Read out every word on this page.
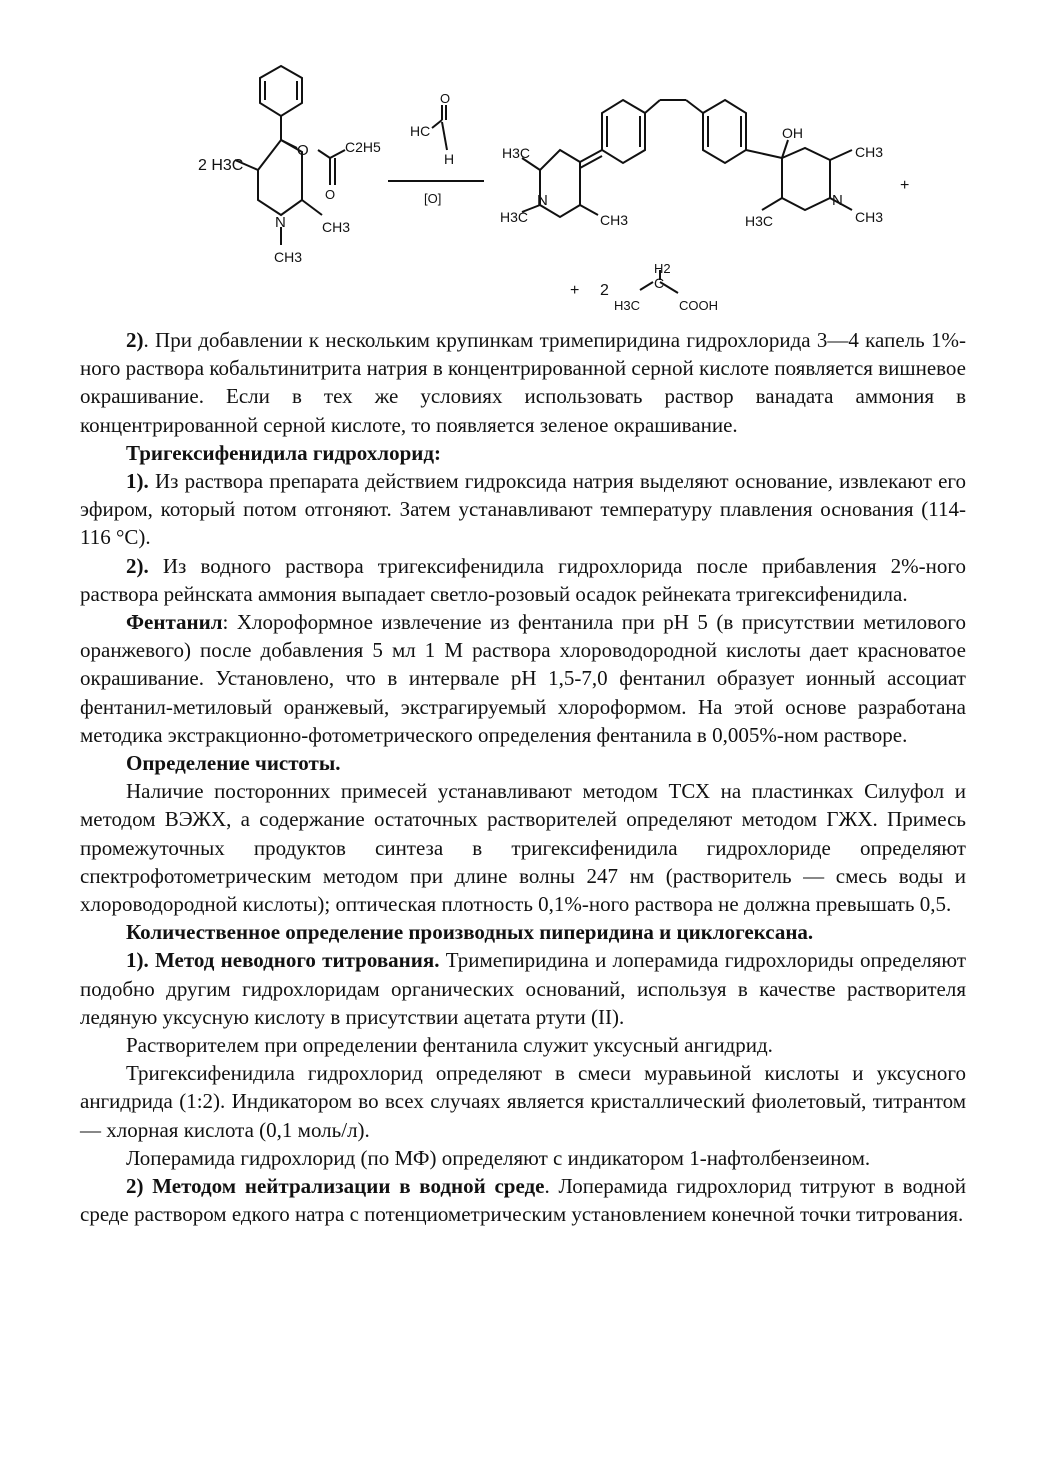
2 H3C
O	C2H5
O
N	CH3
CH3
O
HC
H
[O]
H3C
H3C
N
CH3
OH
CH3
H3C
N
CH3
+
+ 2
H2
C
H3C	COOH

2). При добавлении к нескольким крупинкам тримепиридина гидрохлорида 3—4 капель 1%-ного раствора кобальтинитрита натрия в концентрированной серной кислоте появляется вишневое окрашивание. Если в тех же условиях использовать раствор ванадата аммония в концентрированной серной кислоте, то появляется зеленое окрашивание.

Тригексифенидила гидрохлорид:

1). Из раствора препарата действием гидроксида натрия выделяют основание, извлекают его эфиром, который потом отгоняют. Затем устанавливают температуру плавления основания (114-116 °С).

2). Из водного раствора тригексифенидила гидрохлорида после прибавления 2%-ного раствора рейнската аммония выпадает светло-розовый осадок рейнеката тригексифенидила.

Фентанил: Хлороформное извлечение из фентанила при рН 5 (в присутствии метилового оранжевого) после добавления 5 мл 1 М раствора хлороводородной кислоты дает красноватое окрашивание. Установлено, что в интервале рН 1,5-7,0 фентанил образует ионный ассоциат фентанил-метиловый оранжевый, экстрагируемый хлороформом. На этой основе разработана методика экстракционно-фотометрического определения фентанила в 0,005%-ном растворе.

Определение чистоты.

Наличие посторонних примесей устанавливают методом ТСХ на пластинках Силуфол и методом ВЭЖХ, а содержание остаточных растворителей определяют методом ГЖХ. Примесь промежуточных продуктов синтеза в тригексифенидила гидрохлориде определяют спектрофотометрическим методом при длине волны 247 нм (растворитель — смесь воды и хлороводородной кислоты); оптическая плотность 0,1%-ного раствора не должна превышать 0,5.

Количественное определение производных пиперидина и циклогексана.

1). Метод неводного титрования. Тримепиридина и лоперамида гидрохлориды определяют подобно другим гидрохлоридам органических оснований, используя в качестве растворителя ледяную уксусную кислоту в присутствии ацетата ртути (II).

Растворителем при определении фентанила служит уксусный ангидрид.

Тригексифенидила гидрохлорид определяют в смеси муравьиной кислоты и уксусного ангидрида (1:2). Индикатором во всех случаях является кристаллический фиолетовый, титрантом — хлорная кислота (0,1 моль/л).

Лоперамида гидрохлорид (по МФ) определяют с индикатором 1-нафтолбензеином.

2) Методом нейтрализации в водной среде. Лоперамида гидрохлорид титруют в водной среде раствором едкого натра с потенциометрическим установлением конечной точки титрования.
